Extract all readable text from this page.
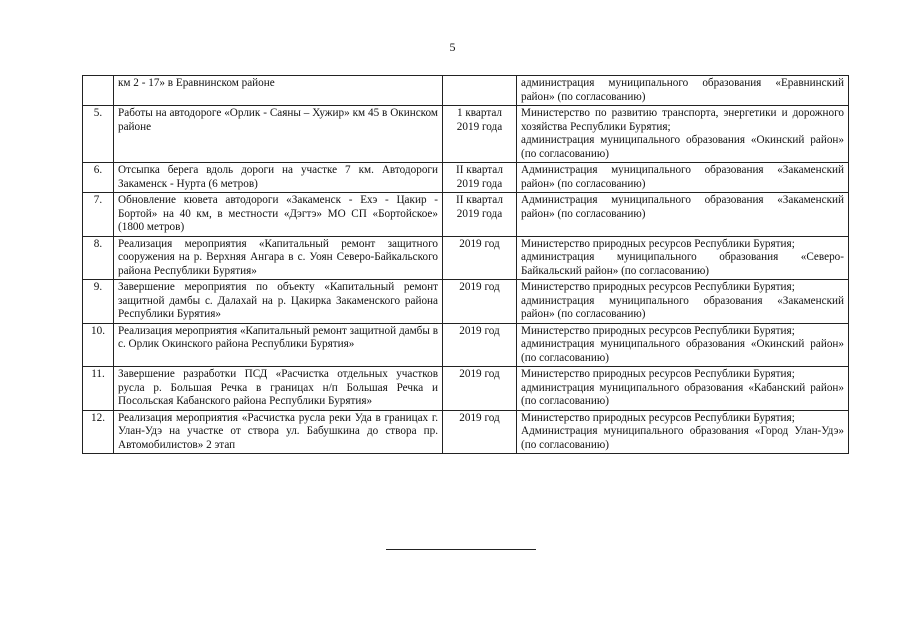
5
	км 2 - 17» в Еравнинском районе		администрация муниципального образования «Еравнинский район» (по согласованию)

5.	Работы на автодороге «Орлик - Саяны – Хужир» км 45 в Окинском районе	1 квартал 2019 года	Министерство по развитию транспорта, энергетики и дорожного хозяйства Республики Бурятия;
администрация муниципального образования «Окинский район» (по согласованию)

6.	Отсыпка берега вдоль дороги на участке 7 км. Автодороги Закаменск - Нурта (6 метров)	II квартал 2019 года	Администрация муниципального образования «Закаменский район» (по согласованию)

7.	Обновление кювета автодороги «Закаменск - Ехэ - Цакир - Бортой» на 40 км, в местности «Дэгтэ» МО СП «Бортойское» (1800 метров)	II квартал 2019 года	Администрация муниципального образования «Закаменский район» (по согласованию)

8.	Реализация мероприятия «Капитальный ремонт защитного сооружения на р. Верхняя Ангара в с. Уоян Северо-Байкальского района Республики Бурятия»	2019 год	Министерство природных ресурсов Республики Бурятия;
администрация муниципального образования «Северо-Байкальский район» (по согласованию)

9.	Завершение мероприятия по объекту «Капитальный ремонт защитной дамбы с. Далахай на р. Цакирка Закаменского района Республики Бурятия»	2019 год	Министерство природных ресурсов Республики Бурятия;
администрация муниципального образования «Закаменский район» (по согласованию)

10.	Реализация мероприятия «Капитальный ремонт защитной дамбы в с. Орлик Окинского района Республики Бурятия»	2019 год	Министерство природных ресурсов Республики Бурятия;
администрация муниципального образования «Окинский район» (по согласованию)

11.	Завершение разработки ПСД «Расчистка отдельных участков русла р. Большая Речка в границах н/п Большая Речка и Посольская Кабанского района Республики Бурятия»	2019 год	Министерство природных ресурсов Республики Бурятия;
администрация муниципального образования «Кабанский район» (по согласованию)

12.	Реализация мероприятия «Расчистка русла реки Уда в границах г. Улан-Удэ на участке от створа ул. Бабушкина до створа пр. Автомобилистов» 2 этап	2019 год	Министерство природных ресурсов Республики Бурятия;
Администрация муниципального образования «Город Улан-Удэ» (по согласованию)
